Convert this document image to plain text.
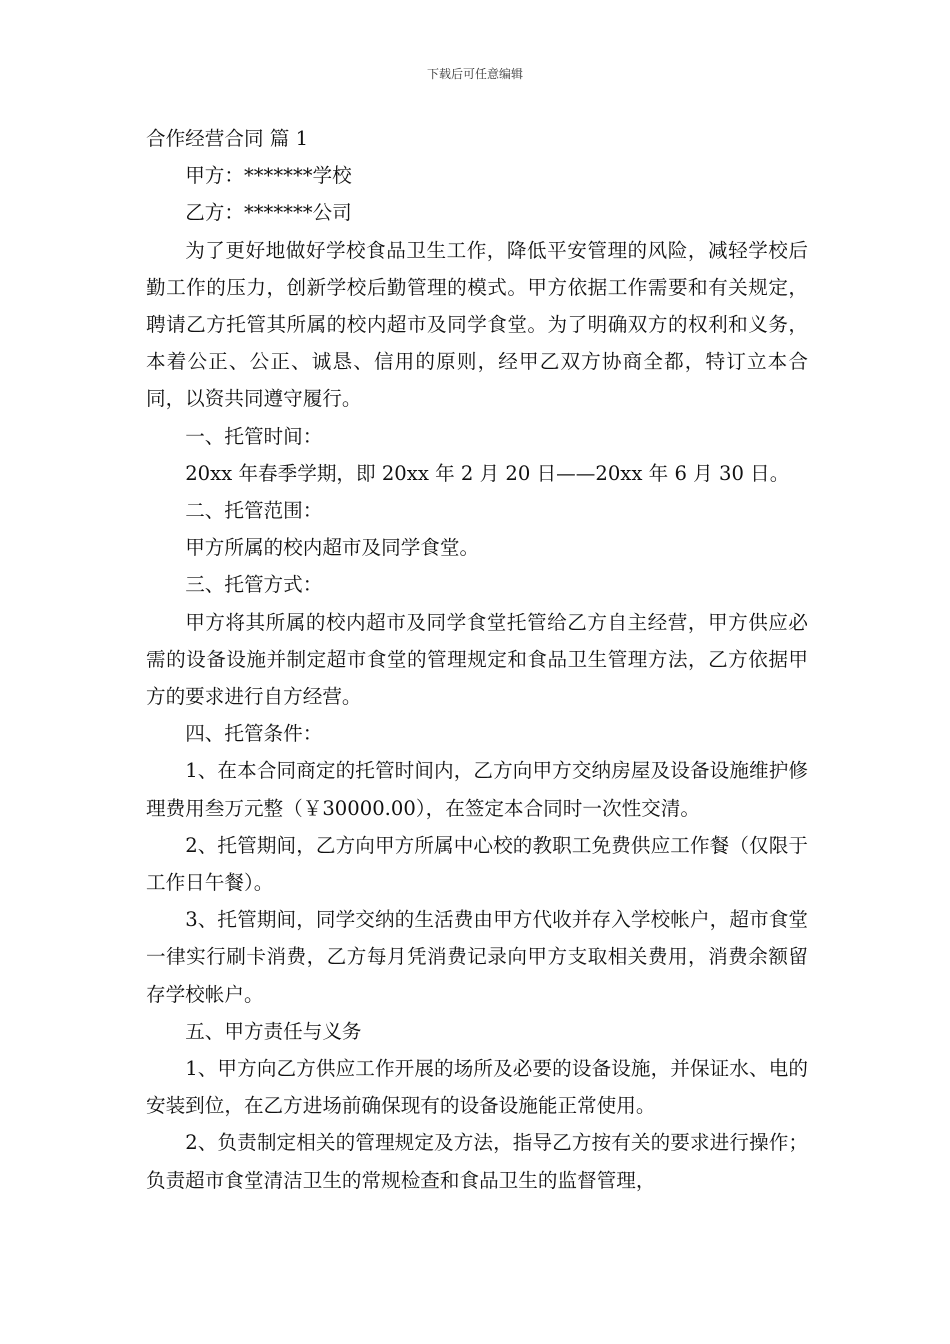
下载后可任意编辑

合作经营合同 篇 1

甲方：*******学校

乙方：*******公司

为了更好地做好学校食品卫生工作，降低平安管理的风险，减轻学校后勤工作的压力，创新学校后勤管理的模式。甲方依据工作需要和有关规定，聘请乙方托管其所属的校内超市及同学食堂。为了明确双方的权利和义务，本着公正、公正、诚恳、信用的原则，经甲乙双方协商全都，特订立本合同，以资共同遵守履行。

一、托管时间：

20xx 年春季学期，即 20xx 年 2 月 20 日——20xx 年 6 月 30 日。

二、托管范围：

甲方所属的校内超市及同学食堂。

三、托管方式：

甲方将其所属的校内超市及同学食堂托管给乙方自主经营，甲方供应必需的设备设施并制定超市食堂的管理规定和食品卫生管理方法，乙方依据甲方的要求进行自方经营。

四、托管条件：

1、在本合同商定的托管时间内，乙方向甲方交纳房屋及设备设施维护修理费用叁万元整（￥30000.00），在签定本合同时一次性交清。

2、托管期间，乙方向甲方所属中心校的教职工免费供应工作餐（仅限于工作日午餐）。

3、托管期间，同学交纳的生活费由甲方代收并存入学校帐户，超市食堂一律实行刷卡消费，乙方每月凭消费记录向甲方支取相关费用，消费余额留存学校帐户。

五、甲方责任与义务

1、甲方向乙方供应工作开展的场所及必要的设备设施，并保证水、电的安装到位，在乙方进场前确保现有的设备设施能正常使用。

2、负责制定相关的管理规定及方法，指导乙方按有关的要求进行操作；负责超市食堂清洁卫生的常规检查和食品卫生的监督管理，
